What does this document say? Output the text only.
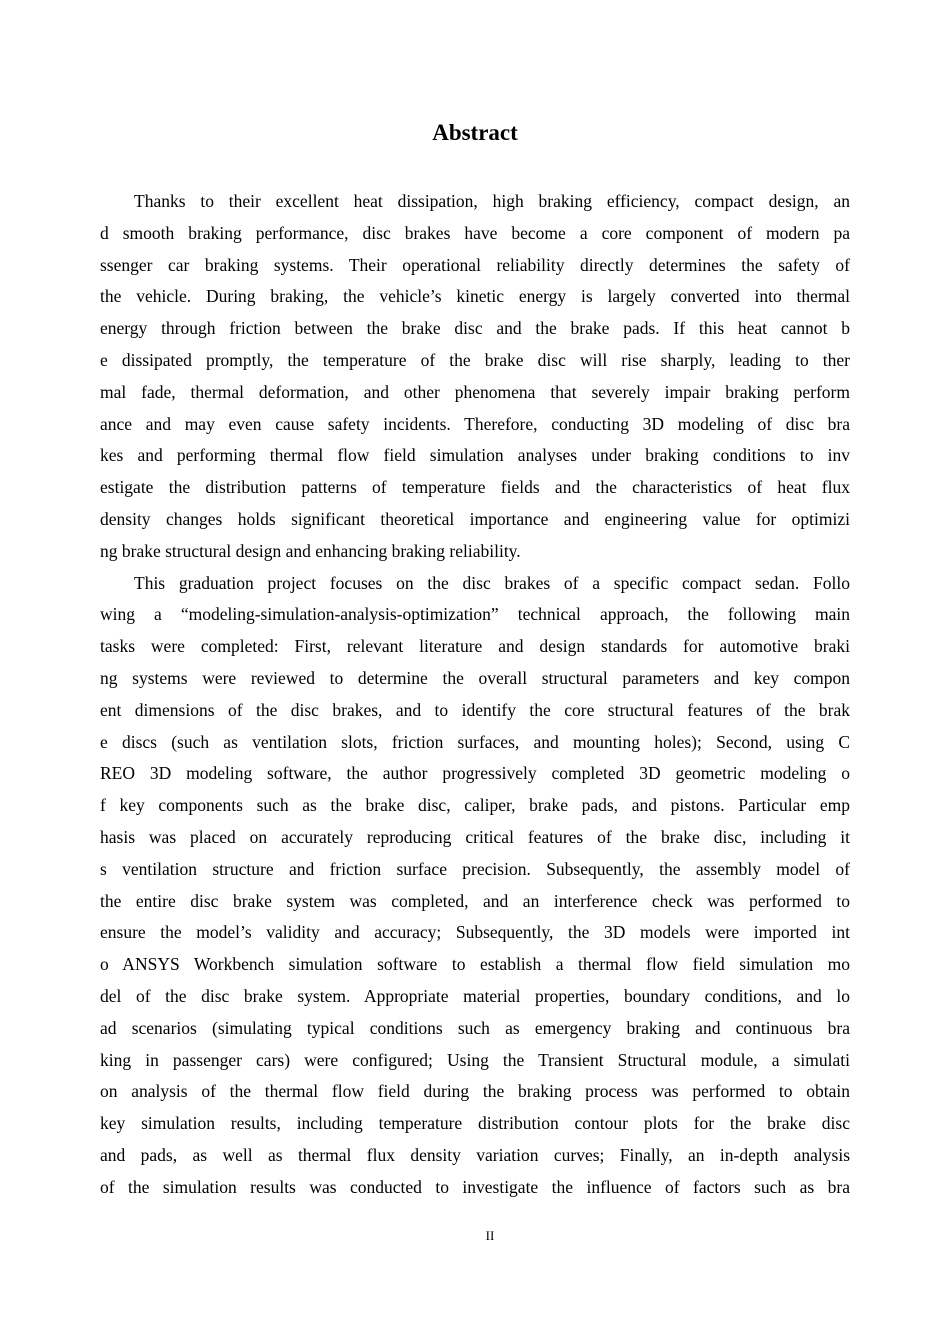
Abstract
Thanks to their excellent heat dissipation, high braking efficiency, compact design, an
d smooth braking performance, disc brakes have become a core component of modern pa
ssenger car braking systems. Their operational reliability directly determines the safety of
the vehicle. During braking, the vehicle’s kinetic energy is largely converted into thermal
energy through friction between the brake disc and the brake pads. If this heat cannot b
e dissipated promptly, the temperature of the brake disc will rise sharply, leading to ther
mal fade, thermal deformation, and other phenomena that severely impair braking perform
ance and may even cause safety incidents. Therefore, conducting 3D modeling of disc bra
kes and performing thermal flow field simulation analyses under braking conditions to inv
estigate the distribution patterns of temperature fields and the characteristics of heat flux
density changes holds significant theoretical importance and engineering value for optimizi
ng brake structural design and enhancing braking reliability.
This graduation project focuses on the disc brakes of a specific compact sedan. Follo
wing a “modeling-simulation-analysis-optimization” technical approach, the following main
tasks were completed: First, relevant literature and design standards for automotive braki
ng systems were reviewed to determine the overall structural parameters and key compon
ent dimensions of the disc brakes, and to identify the core structural features of the brak
e discs (such as ventilation slots, friction surfaces, and mounting holes); Second, using C
REO 3D modeling software, the author progressively completed 3D geometric modeling o
f key components such as the brake disc, caliper, brake pads, and pistons. Particular emp
hasis was placed on accurately reproducing critical features of the brake disc, including it
s ventilation structure and friction surface precision. Subsequently, the assembly model of
the entire disc brake system was completed, and an interference check was performed to
ensure the model’s validity and accuracy; Subsequently, the 3D models were imported int
o ANSYS Workbench simulation software to establish a thermal flow field simulation mo
del of the disc brake system. Appropriate material properties, boundary conditions, and lo
ad scenarios (simulating typical conditions such as emergency braking and continuous bra
king in passenger cars) were configured; Using the Transient Structural module, a simulati
on analysis of the thermal flow field during the braking process was performed to obtain
key simulation results, including temperature distribution contour plots for the brake disc
and pads, as well as thermal flux density variation curves; Finally, an in-depth analysis
of the simulation results was conducted to investigate the influence of factors such as bra
II
